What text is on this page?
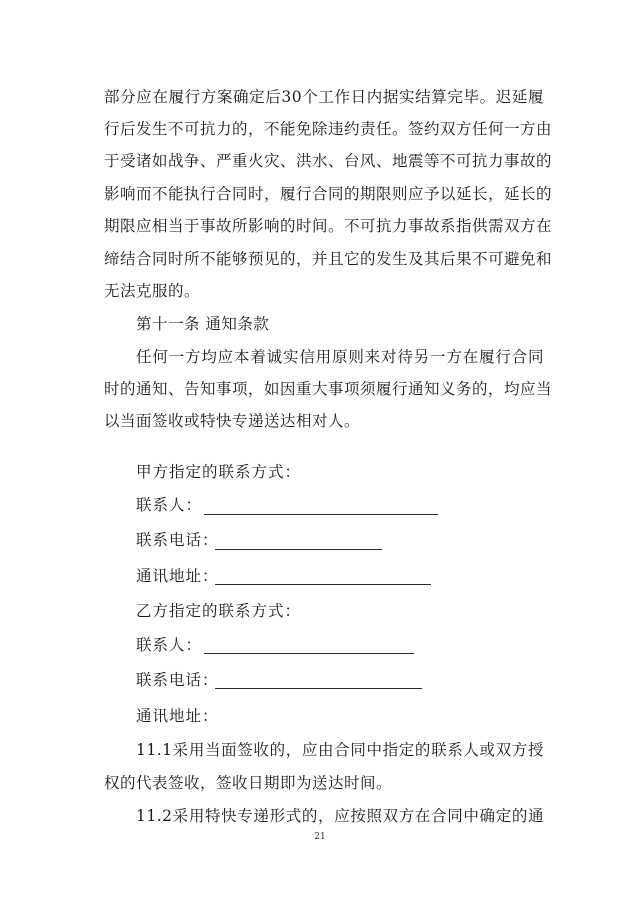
部分应在履行方案确定后30个工作日内据实结算完毕。迟延履
行后发生不可抗力的，不能免除违约责任。签约双方任何一方由
于受诸如战争、严重火灾、洪水、台风、地震等不可抗力事故的
影响而不能执行合同时，履行合同的期限则应予以延长，延长的
期限应相当于事故所影响的时间。不可抗力事故系指供需双方在
缔结合同时所不能够预见的，并且它的发生及其后果不可避免和
无法克服的。
第十一条 通知条款
任何一方均应本着诚实信用原则来对待另一方在履行合同
时的通知、告知事项，如因重大事项须履行通知义务的，均应当
以当面签收或特快专递送达相对人。
甲方指定的联系方式：
联系人：
联系电话：
通讯地址：
乙方指定的联系方式：
联系人：
联系电话：
通讯地址：
11.1采用当面签收的，应由合同中指定的联系人或双方授
权的代表签收，签收日期即为送达时间。
11.2采用特快专递形式的，应按照双方在合同中确定的通
21
